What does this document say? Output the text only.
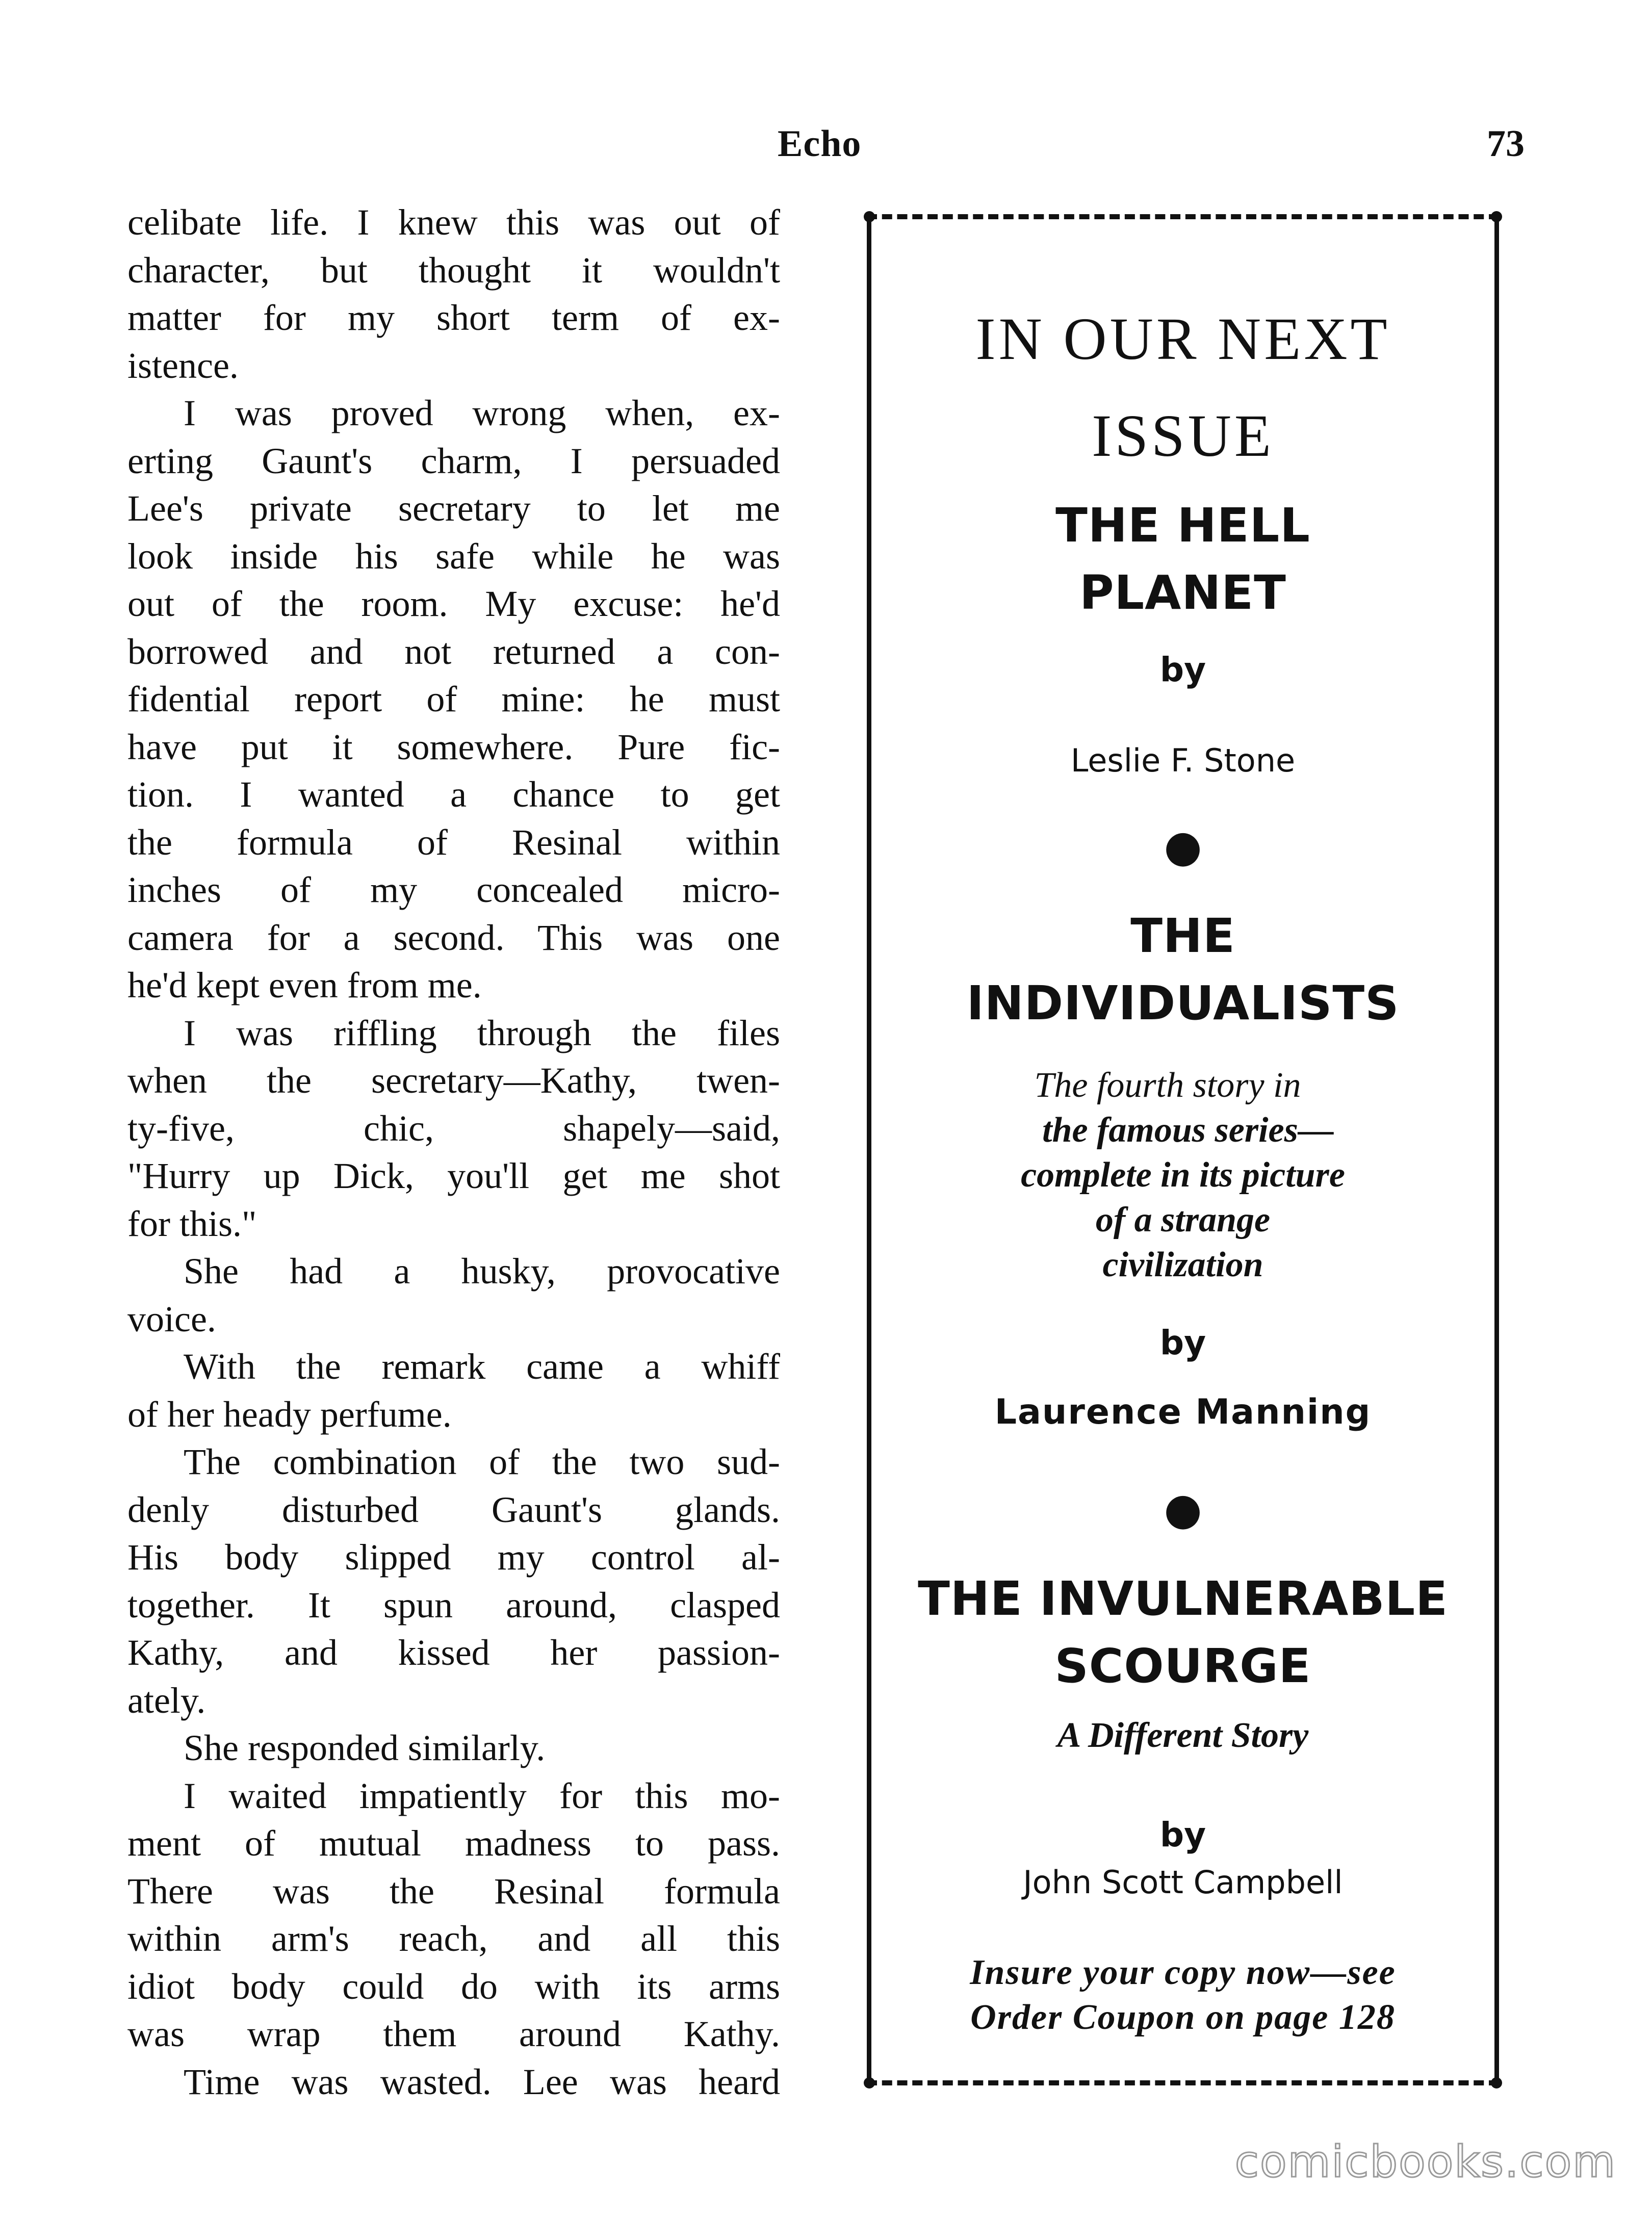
Echo	73
celibate life. I knew this was out of
character, but thought it wouldn't
matter for my short term of ex-
istence.
I was proved wrong when, ex-
erting Gaunt's charm, I persuaded
Lee's private secretary to let me
look inside his safe while he was
out of the room. My excuse: he'd
borrowed and not returned a con-
fidential report of mine: he must
have put it somewhere. Pure fic-
tion. I wanted a chance to get
the formula of Resinal within
inches of my concealed micro-
camera for a second. This was one
he'd kept even from me.
I was riffling through the files
when the secretary—Kathy, twen-
ty-five, chic, shapely—said,
"Hurry up Dick, you'll get me shot
for this."
She had a husky, provocative
voice.
With the remark came a whiff
of her heady perfume.
The combination of the two sud-
denly disturbed Gaunt's glands.
His body slipped my control al-
together. It spun around, clasped
Kathy, and kissed her passion-
ately.
She responded similarly.
I waited impatiently for this mo-
ment of mutual madness to pass.
There was the Resinal formula
within arm's reach, and all this
idiot body could do with its arms
was wrap them around Kathy.
Time was wasted. Lee was heard
IN OUR NEXT
ISSUE
THE HELL
PLANET
by
Leslie F. Stone
●
THE
INDIVIDUALISTS
The fourth story in
the famous series—
complete in its picture
of a strange
civilization
by
Laurence Manning
●
THE INVULNERABLE
SCOURGE
A Different Story
by
John Scott Campbell
Insure your copy now—see
Order Coupon on page 128
comicbooks.com
